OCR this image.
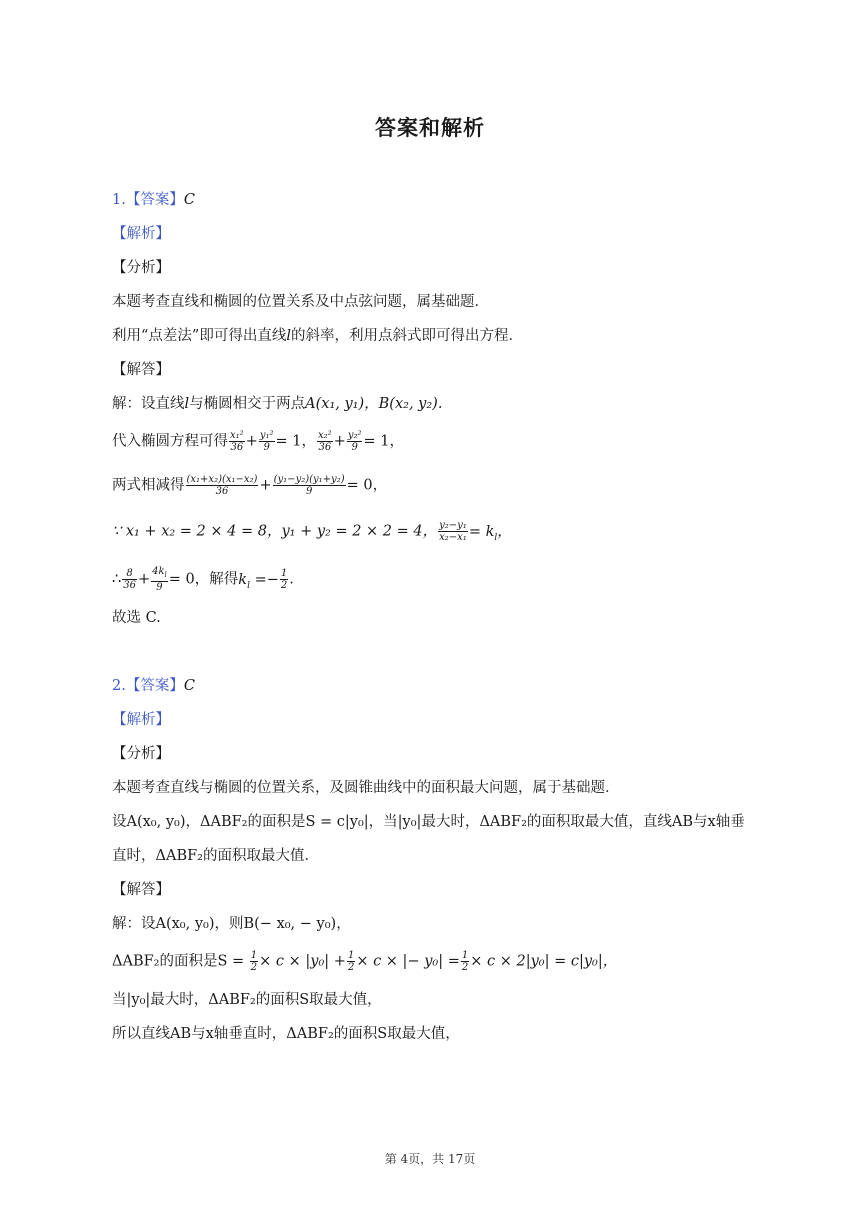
答案和解析
1.【答案】C
【解析】
【分析】
本题考查直线和椭圆的位置关系及中点弦问题，属基础题．
利用“点差法”即可得出直线l的斜率，利用点斜式即可得出方程．
【解答】
解：设直线l与椭圆相交于两点A(x₁, y₁)，B(x₂, y₂).
代入椭圆方程可得 $\frac{\text{x₁²}}{36} + \frac{\text{y₁²}}{9} = 1$， $\frac{\text{x₂²}}{36} + \frac{\text{y₂²}}{9} = 1$，
两式相减得 $\frac{\text{(x₁+x₂)(x₁−x₂)}}{36} + \frac{\text{(y₁−y₂)(y₁+y₂)}}{9} = 0$，
∵ x₁ + x₂ = 2 × 4 = 8，y₁ + y₂ = 2 × 2 = 4， $\frac{\text{y₂−y₁}}{\text{x₂−x₁}} = k_l$，
∴ $\frac{8}{36} + \frac{4k_l}{9} = 0$，解得$k_l =- \frac{1}{2}$ .
故选 C.
2.【答案】C
【解析】
【分析】
本题考查直线与椭圆的位置关系，及圆锥曲线中的面积最大问题，属于基础题．
设A(x₀, y₀)，ΔABF₂的面积是S = c|y₀|，当|y₀|最大时，ΔABF₂的面积取最大值，直线AB与x轴垂
直时，ΔABF₂的面积取最大值．
【解答】
解：设A(x₀, y₀)，则B(− x₀, − y₀)，
ΔABF₂的面积是$S = \frac{1}{2} \times c \times |y_0| + \frac{1}{2} \times c$ × |− $y_0| = \frac{1}{2} \times c \times 2|y_0| = c|y_0|$，
当|y₀|最大时，ΔABF₂的面积S取最大值，
所以直线AB与x轴垂直时，ΔABF₂的面积S取最大值，
第 4页，共 17页
